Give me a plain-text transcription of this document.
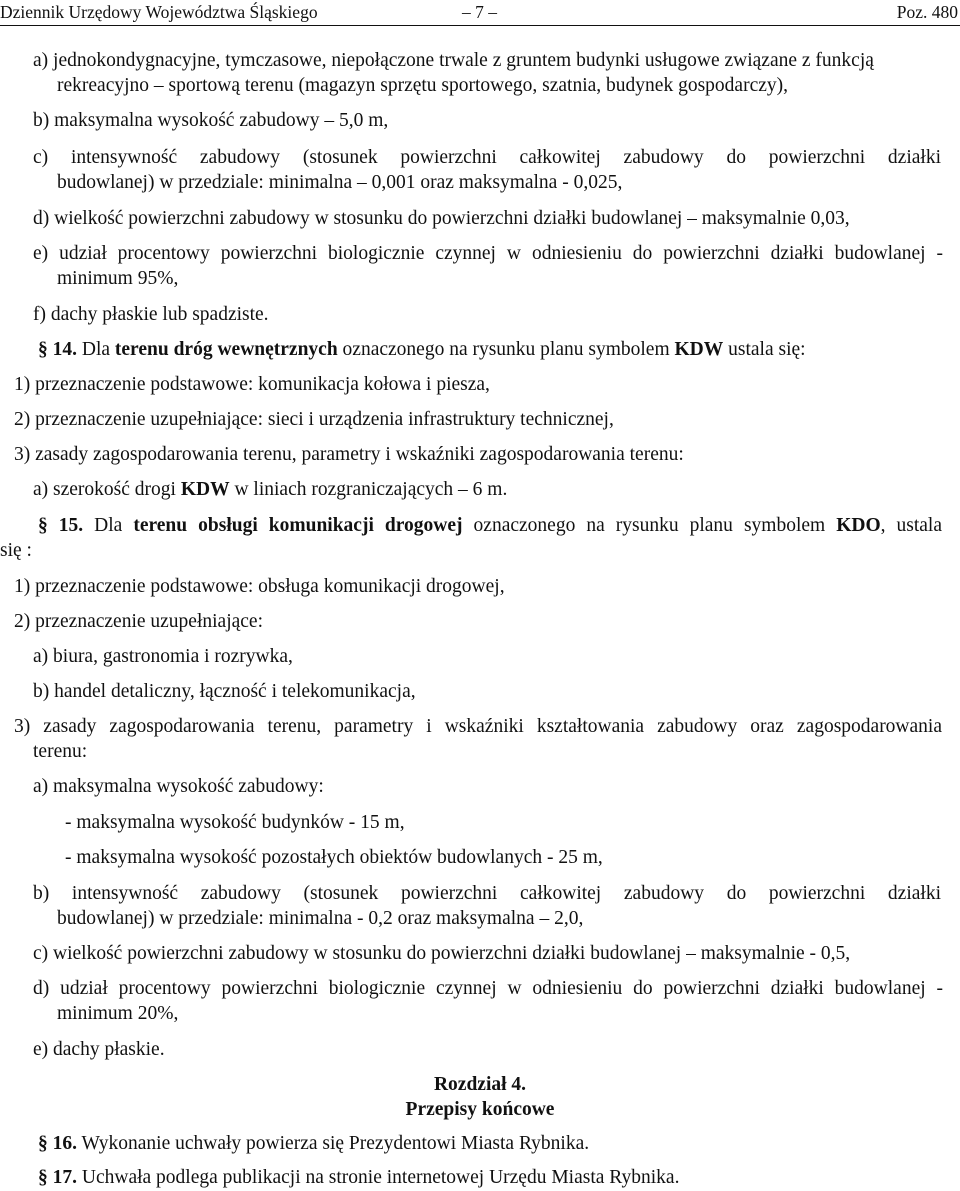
Dziennik Urzędowy Województwa Śląskiego	– 7 –	Poz. 480
a) jednokondygnacyjne, tymczasowe, niepołączone trwale z gruntem budynki usługowe związane z funkcją
rekreacyjno – sportową terenu (magazyn sprzętu sportowego, szatnia, budynek gospodarczy),
b) maksymalna wysokość zabudowy – 5,0 m,
c) intensywność zabudowy (stosunek powierzchni całkowitej zabudowy do powierzchni działki
budowlanej) w przedziale: minimalna – 0,001 oraz maksymalna - 0,025,
d) wielkość powierzchni zabudowy w stosunku do powierzchni działki budowlanej – maksymalnie 0,03,
e) udział procentowy powierzchni biologicznie czynnej w odniesieniu do powierzchni działki budowlanej -
minimum 95%,
f) dachy płaskie lub spadziste.
§ 14. Dla terenu dróg wewnętrznych oznaczonego na rysunku planu symbolem KDW ustala się:
1) przeznaczenie podstawowe: komunikacja kołowa i piesza,
2) przeznaczenie uzupełniające: sieci i urządzenia infrastruktury technicznej,
3) zasady zagospodarowania terenu, parametry i wskaźniki zagospodarowania terenu:
a) szerokość drogi KDW w liniach rozgraniczających – 6 m.
§ 15. Dla terenu obsługi komunikacji drogowej oznaczonego na rysunku planu symbolem KDO, ustala
się :
1) przeznaczenie podstawowe: obsługa komunikacji drogowej,
2) przeznaczenie uzupełniające:
a) biura, gastronomia i rozrywka,
b) handel detaliczny, łączność i telekomunikacja,
3) zasady zagospodarowania terenu, parametry i wskaźniki kształtowania zabudowy oraz zagospodarowania
terenu:
a) maksymalna wysokość zabudowy:
- maksymalna wysokość budynków - 15 m,
- maksymalna wysokość pozostałych obiektów budowlanych - 25 m,
b) intensywność zabudowy (stosunek powierzchni całkowitej zabudowy do powierzchni działki
budowlanej) w przedziale: minimalna - 0,2 oraz maksymalna – 2,0,
c) wielkość powierzchni zabudowy w stosunku do powierzchni działki budowlanej – maksymalnie - 0,5,
d) udział procentowy powierzchni biologicznie czynnej w odniesieniu do powierzchni działki budowlanej -
minimum 20%,
e) dachy płaskie.
Rozdział 4.
Przepisy końcowe
§ 16. Wykonanie uchwały powierza się Prezydentowi Miasta Rybnika.
§ 17. Uchwała podlega publikacji na stronie internetowej Urzędu Miasta Rybnika.
